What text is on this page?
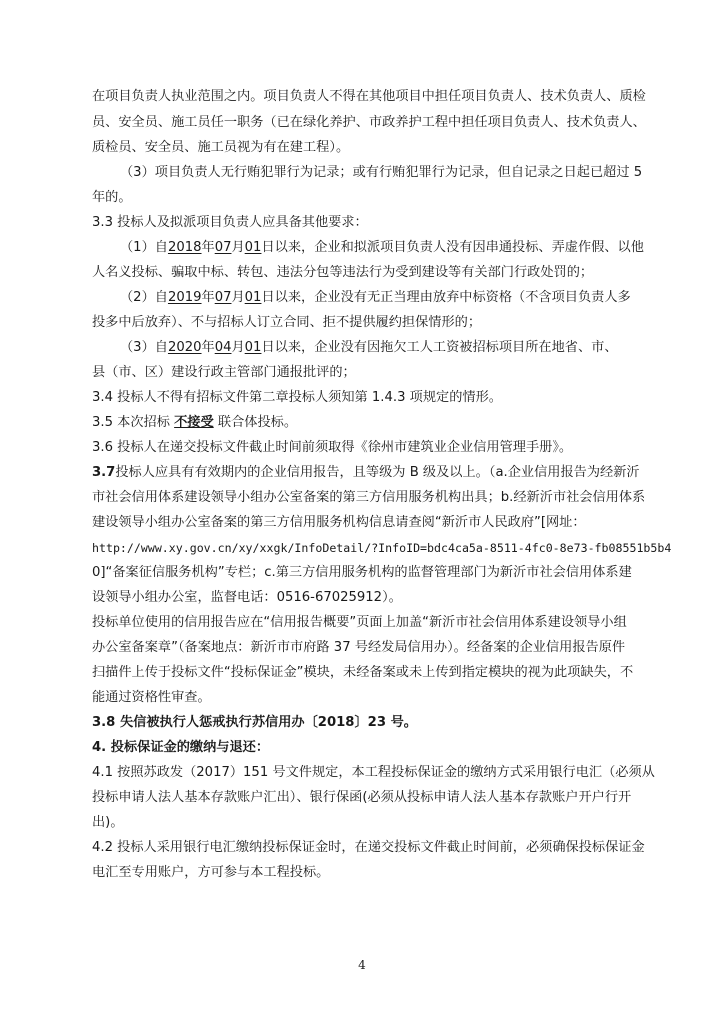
在项目负责人执业范围之内。项目负责人不得在其他项目中担任项目负责人、技术负责人、质检
员、安全员、施工员任一职务（已在绿化养护、市政养护工程中担任项目负责人、技术负责人、
质检员、安全员、施工员视为有在建工程）。
（3）项目负责人无行贿犯罪行为记录；或有行贿犯罪行为记录，但自记录之日起已超过 5
年的。
3.3 投标人及拟派项目负责人应具备其他要求：
（1）自2018年07月01日以来，企业和拟派项目负责人没有因串通投标、弄虚作假、以他
人名义投标、骗取中标、转包、违法分包等违法行为受到建设等有关部门行政处罚的；
（2）自2019年07月01日以来，企业没有无正当理由放弃中标资格（不含项目负责人多
投多中后放弃）、不与招标人订立合同、拒不提供履约担保情形的；
（3）自2020年04月01日以来，企业没有因拖欠工人工资被招标项目所在地省、市、
县（市、区）建设行政主管部门通报批评的；
3.4 投标人不得有招标文件第二章投标人须知第 1.4.3 项规定的情形。
3.5 本次招标 不接受 联合体投标。
3.6 投标人在递交投标文件截止时间前须取得《徐州市建筑业企业信用管理手册》。
3.7投标人应具有有效期内的企业信用报告，且等级为 B 级及以上。（a.企业信用报告为经新沂
市社会信用体系建设领导小组办公室备案的第三方信用服务机构出具；b.经新沂市社会信用体系
建设领导小组办公室备案的第三方信用服务机构信息请查阅“新沂市人民政府”[网址：
http://www.xy.gov.cn/xy/xxgk/InfoDetail/?InfoID=bdc4ca5a-8511-4fc0-8e73-fb08551b5b4
0]“备案征信服务机构”专栏；c.第三方信用服务机构的监督管理部门为新沂市社会信用体系建
设领导小组办公室，监督电话：0516-67025912）。
投标单位使用的信用报告应在“信用报告概要”页面上加盖“新沂市社会信用体系建设领导小组
办公室备案章”（备案地点：新沂市市府路 37 号经发局信用办）。经备案的企业信用报告原件
扫描件上传于投标文件“投标保证金”模块，未经备案或未上传到指定模块的视为此项缺失，不
能通过资格性审查。
3.8 失信被执行人惩戒执行苏信用办〔2018〕23 号。
4. 投标保证金的缴纳与退还：
4.1 按照苏政发（2017）151 号文件规定，本工程投标保证金的缴纳方式采用银行电汇（必须从
投标申请人法人基本存款账户汇出）、银行保函(必须从投标申请人法人基本存款账户开户行开
出)。
4.2 投标人采用银行电汇缴纳投标保证金时，在递交投标文件截止时间前，必须确保投标保证金
电汇至专用账户，方可参与本工程投标。
4
